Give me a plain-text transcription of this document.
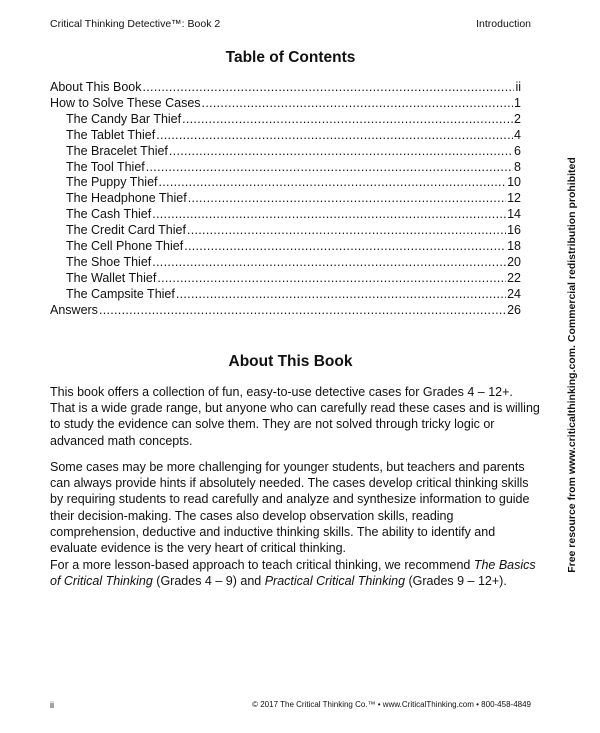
Critical Thinking Detective™: Book 2	Introduction
Table of Contents
About This Book .....	ii
How to Solve These Cases .....	1
The Candy Bar Thief .....	2
The Tablet Thief .....	4
The Bracelet Thief .....	6
The Tool Thief .....	8
The Puppy Thief .....	10
The Headphone Thief .....	12
The Cash Thief .....	14
The Credit Card Thief .....	16
The Cell Phone Thief .....	18
The Shoe Thief .....	20
The Wallet Thief .....	22
The Campsite Thief .....	24
Answers .....	26
About This Book

This book offers a collection of fun, easy-to-use detective cases for Grades 4 – 12+. That is a wide grade range, but anyone who can carefully read these cases and is willing to study the evidence can solve them. They are not solved through tricky logic or advanced math concepts.

Some cases may be more challenging for younger students, but teachers and parents can always provide hints if absolutely needed. The cases develop critical thinking skills by requiring students to read carefully and analyze and synthesize information to guide their decision-making. The cases also develop observation skills, reading comprehension, deductive and inductive thinking skills. The ability to identify and evaluate evidence is the very heart of critical thinking.

For a more lesson-based approach to teach critical thinking, we recommend The Basics of Critical Thinking (Grades 4 – 9) and Practical Critical Thinking (Grades 9 – 12+).

Free resource from www.criticalthinking.com. Commercial redistribution prohibited
ii	© 2017 The Critical Thinking Co.™ • www.CriticalThinking.com • 800-458-4849
